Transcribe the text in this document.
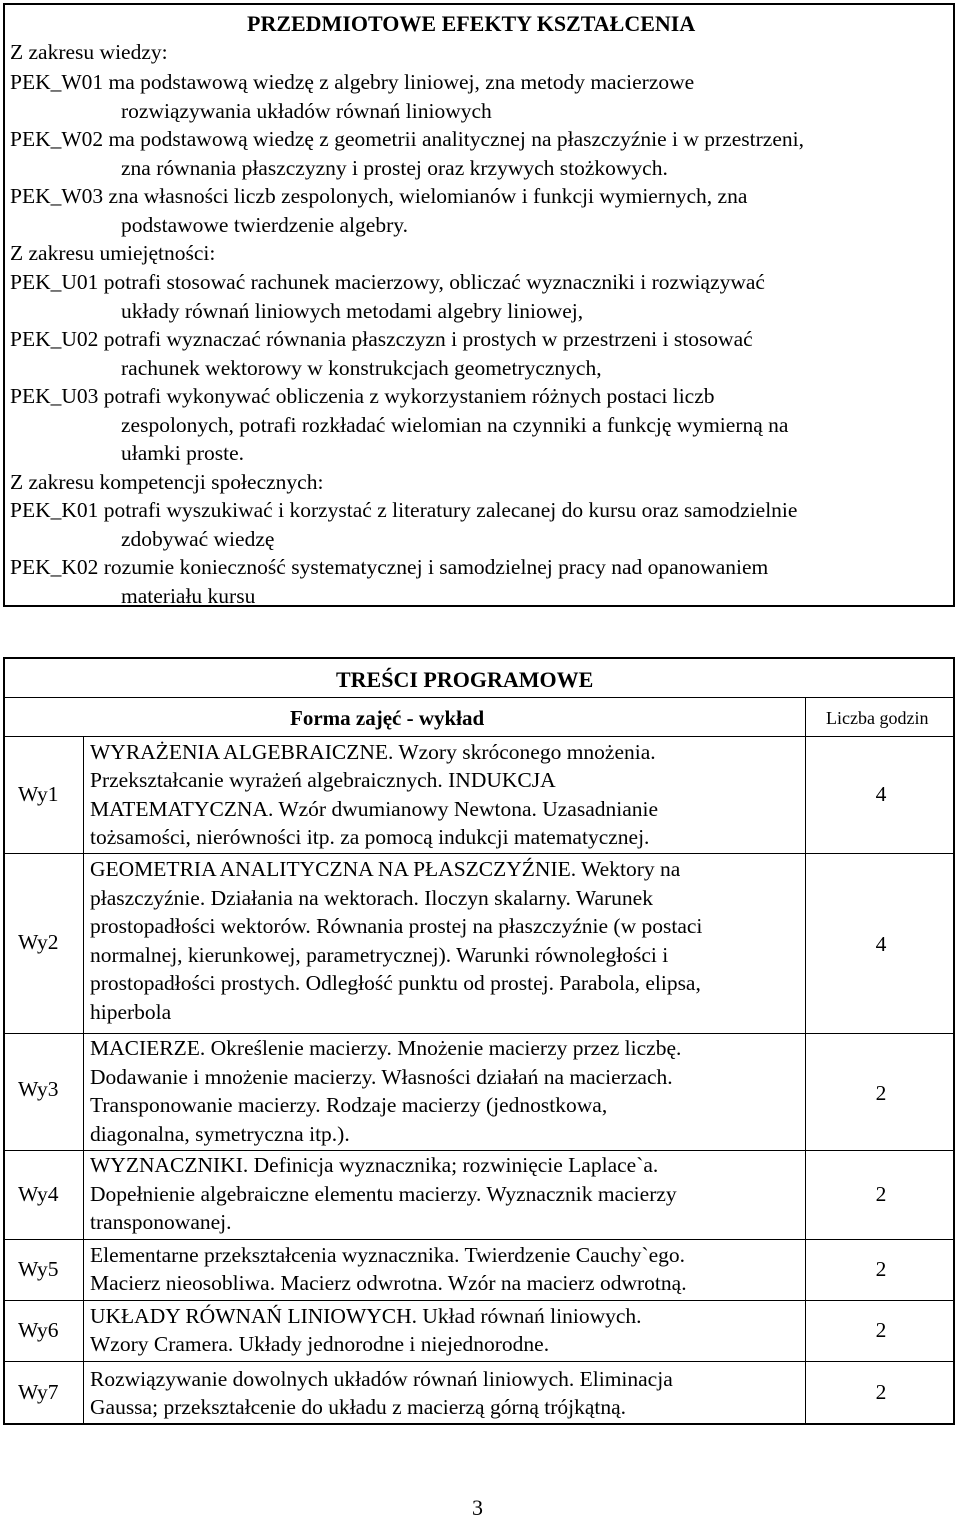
PRZEDMIOTOWE EFEKTY KSZTAŁCENIA
Z zakresu wiedzy:
PEK_W01 ma podstawową wiedzę z algebry liniowej, zna metody macierzowe
rozwiązywania układów równań liniowych
PEK_W02 ma podstawową wiedzę z geometrii analitycznej na płaszczyźnie i w przestrzeni,
zna równania płaszczyzny i prostej oraz krzywych stożkowych.
PEK_W03 zna własności liczb zespolonych, wielomianów i funkcji wymiernych, zna
podstawowe twierdzenie algebry.
Z zakresu umiejętności:
PEK_U01 potrafi stosować rachunek macierzowy, obliczać wyznaczniki i rozwiązywać
układy równań liniowych metodami algebry liniowej,
PEK_U02 potrafi wyznaczać równania płaszczyzn i prostych w przestrzeni i stosować
rachunek wektorowy w konstrukcjach geometrycznych,
PEK_U03 potrafi wykonywać obliczenia z wykorzystaniem różnych postaci liczb
zespolonych, potrafi rozkładać wielomian na czynniki a funkcję wymierną na
ułamki proste.
Z zakresu kompetencji społecznych:
PEK_K01 potrafi wyszukiwać i korzystać z literatury zalecanej do kursu oraz samodzielnie
zdobywać wiedzę
PEK_K02 rozumie konieczność systematycznej i samodzielnej pracy nad opanowaniem
materiału kursu
TREŚCI PROGRAMOWE
Forma zajęć - wykład	Liczba godzin
Wy1
WYRAŻENIA ALGEBRAICZNE. Wzory skróconego mnożenia.
Przekształcanie wyrażeń algebraicznych. INDUKCJA
MATEMATYCZNA. Wzór dwumianowy Newtona. Uzasadnianie
tożsamości, nierówności itp. za pomocą indukcji matematycznej.
4
Wy2
GEOMETRIA ANALITYCZNA NA PŁASZCZYŹNIE. Wektory na
płaszczyźnie. Działania na wektorach. Iloczyn skalarny. Warunek
prostopadłości wektorów. Równania prostej na płaszczyźnie (w postaci
normalnej, kierunkowej, parametrycznej). Warunki równoległości i
prostopadłości prostych. Odległość punktu od prostej. Parabola, elipsa,
hiperbola
4
Wy3
MACIERZE. Określenie macierzy. Mnożenie macierzy przez liczbę.
Dodawanie i mnożenie macierzy. Własności działań na macierzach.
Transponowanie macierzy. Rodzaje macierzy (jednostkowa,
diagonalna, symetryczna itp.).
2
Wy4
WYZNACZNIKI. Definicja wyznacznika; rozwinięcie Laplace`a.
Dopełnienie algebraiczne elementu macierzy. Wyznacznik macierzy
transponowanej.
2
Wy5
Elementarne przekształcenia wyznacznika. Twierdzenie Cauchy`ego.
Macierz nieosobliwa. Macierz odwrotna. Wzór na macierz odwrotną.
2
Wy6
UKŁADY RÓWNAŃ LINIOWYCH. Układ równań liniowych.
Wzory Cramera. Układy jednorodne i niejednorodne.
2
Wy7
Rozwiązywanie dowolnych układów równań liniowych. Eliminacja
Gaussa; przekształcenie do układu z macierzą górną trójkątną.
2
3
